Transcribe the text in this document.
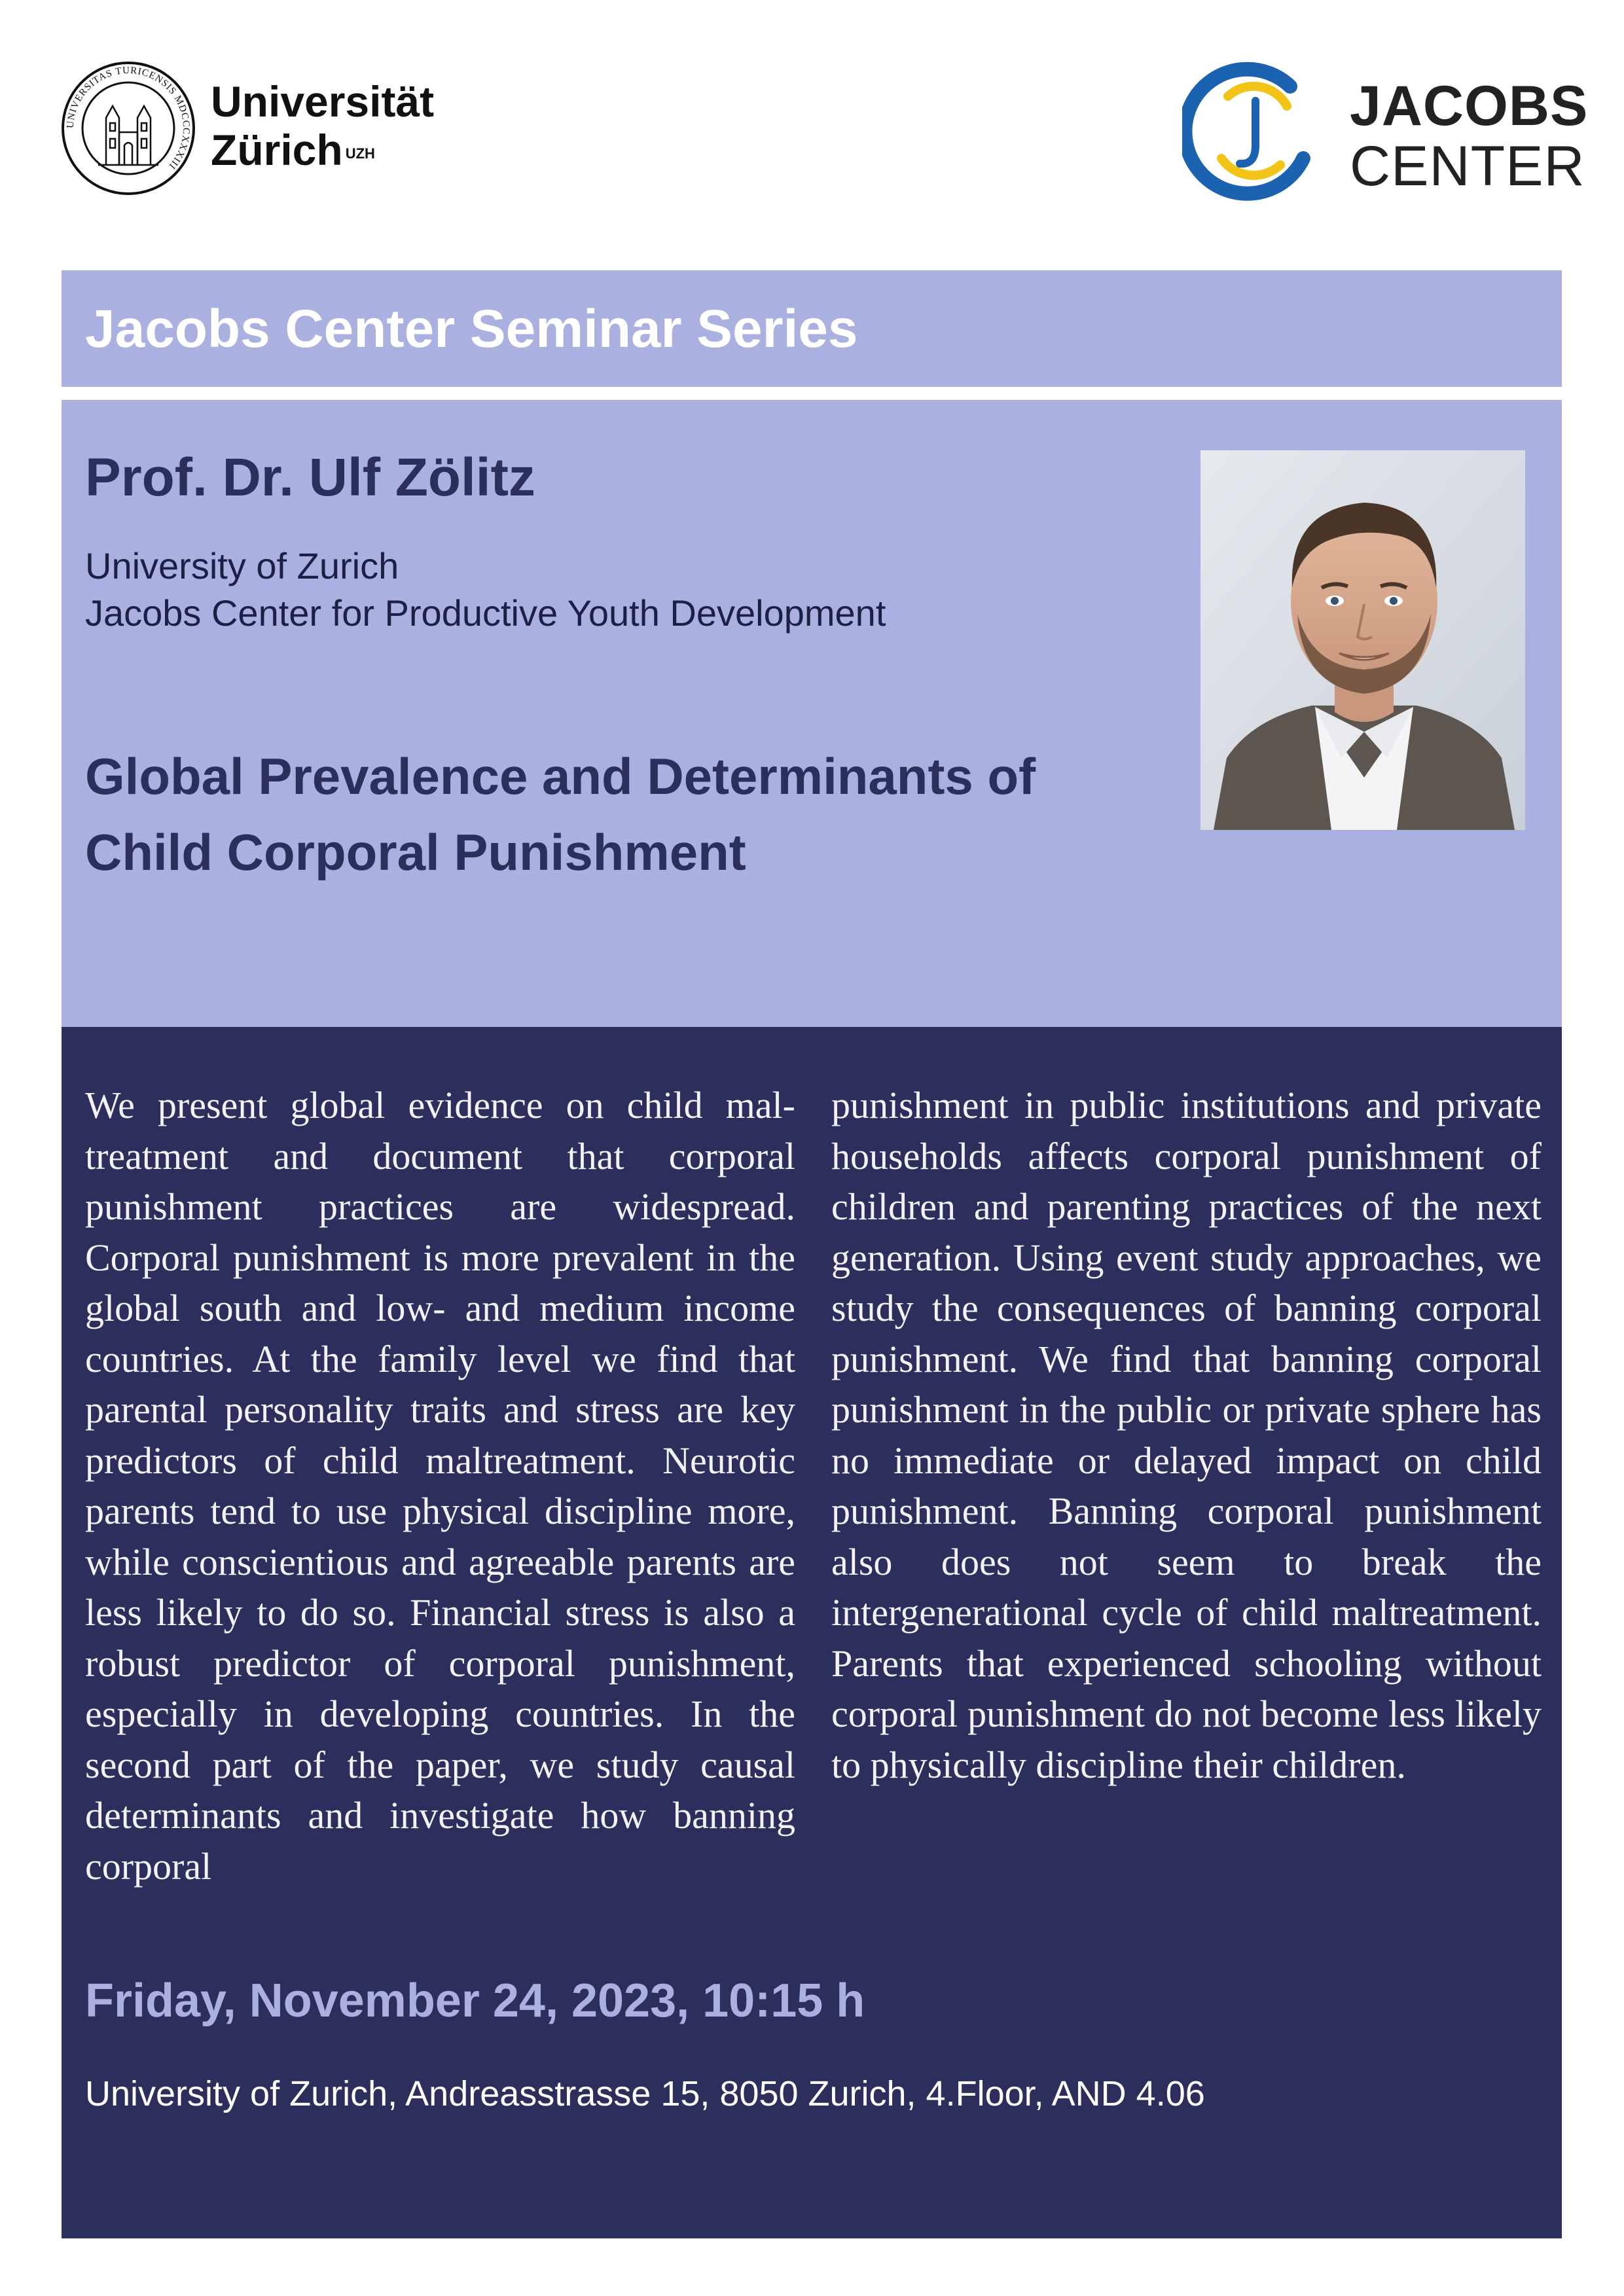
UNIVERSITAS TURICENSIS MDCCCXXXIII
Universität
Zürich $^{UZH}$
JC
JACOBS
CENTER
Jacobs Center Seminar Series
Prof. Dr. Ulf Zölitz
University of Zurich
Jacobs Center for Productive Youth Development
Global Prevalence and Determinants of Child Corporal Punishment
We present global evidence on child maltreatment and document that corporal punishment practices are widespread. Corporal punishment is more prevalent in the global south and low- and medium income countries. At the family level we find that parental personality traits and stress are key predictors of child maltreatment. Neurotic parents tend to use physical discipline more, while conscientious and agreeable parents are less likely to do so. Financial stress is also a robust predictor of corporal punishment, especially in developing countries. In the second part of the paper, we study causal determinants and investigate how banning corporal
punishment in public institutions and private households affects corporal punishment of children and parenting practices of the next generation. Using event study approaches, we study the consequences of banning corporal punishment. We find that banning corporal punishment in the public or private sphere has no immediate or delayed impact on child punishment. Banning corporal punishment also does not seem to break the intergenerational cycle of child maltreatment. Parents that experienced schooling without corporal punishment do not become less likely to physically discipline their children.
Friday, November 24, 2023, 10:15 h
University of Zurich, Andreasstrasse 15, 8050 Zurich, 4.Floor, AND 4.06
